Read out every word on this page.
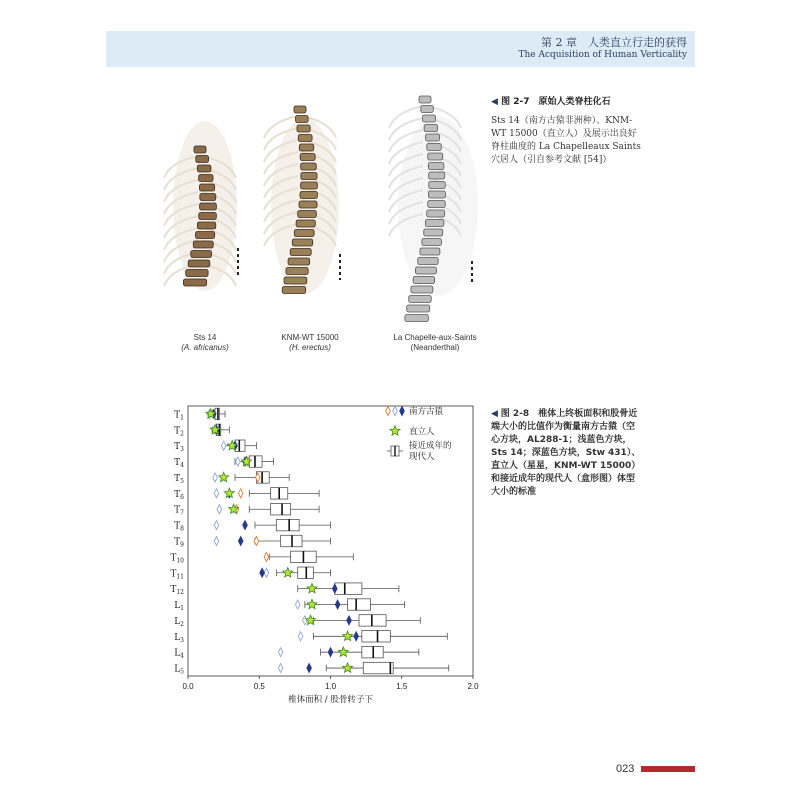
第 2 章　人类直立行走的获得
The Acquisition of Human Verticality
Sts 14
(A. africanus)
KNM-WT 15000
(H. erectus)
La Chapelle-aux-Saints
(Neanderthal)
◀ 图 2-7　原始人类脊柱化石
Sts 14（南方古猿非洲种）、KNM-WT 15000（直立人）及展示出良好脊柱曲度的 La Chapelleaux Saints 穴居人（引自参考文献 [54]）
$T_1$
$T_2$
$T_3$
$T_4$
$T_5$
$T_6$
$T_7$
$T_8$
$T_9$
$T_{10}$
$T_{11}$
$T_{12}$
$L_1$
$L_2$
$L_3$
$L_4$
$L_5$
0.0	0.5	1.0	1.5	2.0
椎体面积 / 股骨转子下
南方古猿
直立人
接近成年的现代人
◀ 图 2-8　椎体上终板面积和股骨近端大小的比值作为衡量南方古猿（空心方块，AL288-1；浅蓝色方块，Sts 14；深蓝色方块，Stw 431）、直立人（星星，KNM-WT 15000）和接近成年的现代人（盒形图）体型大小的标准
023
